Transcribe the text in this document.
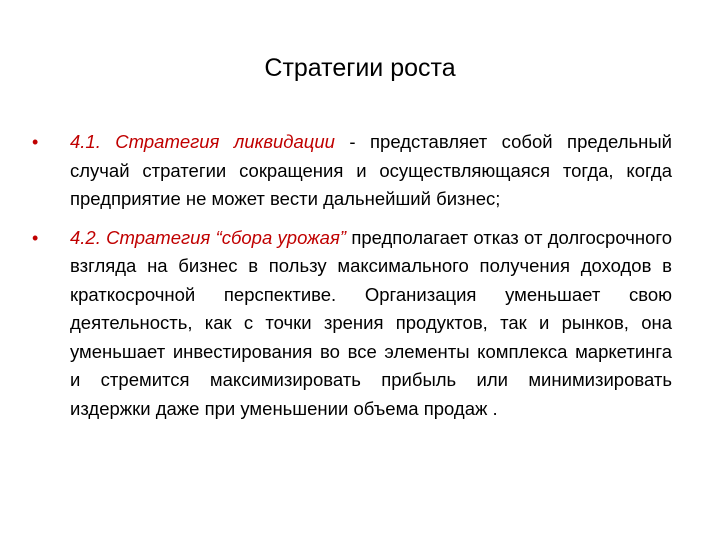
Стратегии роста
•	4.1. Стратегия ликвидации - представляет собой предельный случай стратегии сокращения и осуществляющаяся тогда, когда предприятие не может вести дальнейший бизнес;
•	4.2. Стратегия “сбора урожая” предполагает отказ от долгосрочного взгляда на бизнес в пользу максимального получения доходов в краткосрочной перспективе. Организация уменьшает свою деятельность, как с точки зрения продуктов, так и рынков, она уменьшает инвестирования во все элементы комплекса маркетинга и стремится максимизировать прибыль или минимизировать издержки даже при уменьшении объема продаж .
